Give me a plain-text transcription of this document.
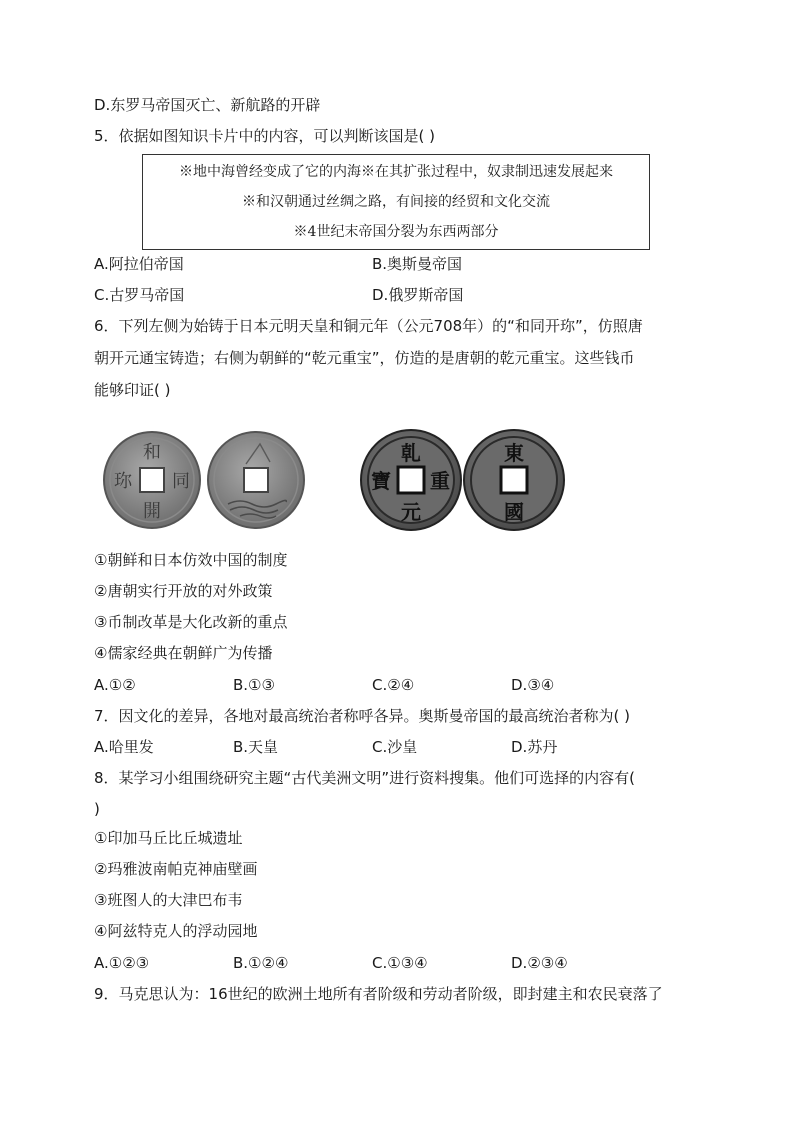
D.东罗马帝国灭亡、新航路的开辟
5．依据如图知识卡片中的内容，可以判断该国是( )
※地中海曾经变成了它的内海※在其扩张过程中，奴隶制迅速发展起来
※和汉朝通过丝绸之路，有间接的经贸和文化交流
※4世纪末帝国分裂为东西两部分
A.阿拉伯帝国	B.奥斯曼帝国
C.古罗马帝国	D.俄罗斯帝国
6．下列左侧为始铸于日本元明天皇和铜元年（公元708年）的“和同开珎”，仿照唐
朝开元通宝铸造；右侧为朝鲜的“乾元重宝”，仿造的是唐朝的乾元重宝。这些钱币
能够印证( )
和
開
同
珎
乹
元
重
寶
東
國
①朝鲜和日本仿效中国的制度
②唐朝实行开放的对外政策
③币制改革是大化改新的重点
④儒家经典在朝鲜广为传播
A.①②	B.①③	C.②④	D.③④
7．因文化的差异，各地对最高统治者称呼各异。奥斯曼帝国的最高统治者称为( )
A.哈里发	B.天皇	C.沙皇	D.苏丹
8．某学习小组围绕研究主题“古代美洲文明”进行资料搜集。他们可选择的内容有(
)
①印加马丘比丘城遗址
②玛雅波南帕克神庙壁画
③班图人的大津巴布韦
④阿兹特克人的浮动园地
A.①②③	B.①②④	C.①③④	D.②③④
9．马克思认为：16世纪的欧洲土地所有者阶级和劳动者阶级，即封建主和农民衰落了
